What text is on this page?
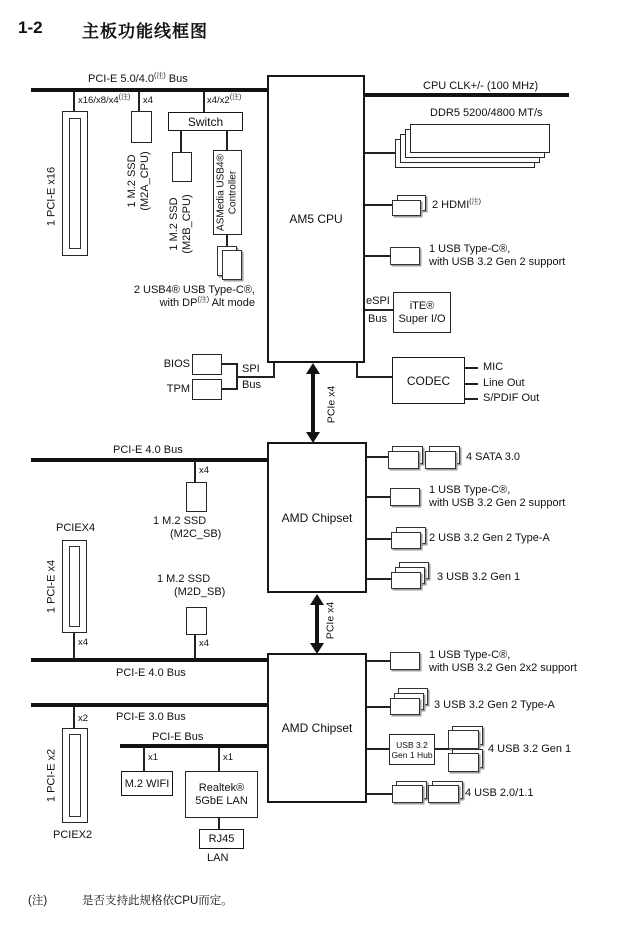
1-2 主板功能线框图
PCI-E $5.0/4.0^{(注)}$ Bus
$x16/x8/x4^{(注)}$ x4	$x4/x2^{(注)}$
1 PCI-E x16	1 M.2 SSD (M2A_CPU)
Switch
1 M.2 SSD (M2B_CPU) ASMedia USB4® Controller
2 USB4® USB Type-C®,
with $DP^{(注)}$ Alt mode
AM5 CPU
CPU CLK+/- (100 MHz)
DDR5 5200/4800 MT/s
2 $HDMI^{(注)}$
1 USB Type-C®,
with USB 3.2 Gen 2 support
eSPI
Bus
iTE®
Super I/O
BIOS
TPM
SPI
Bus	CODEC
MIC
Line Out
S/PDIF Out
PCIe x4
PCI-E 4.0 Bus
x4
1 M.2 SSD
(M2C_SB)
PCIEX4
1 PCI-E x4
x4
1 M.2 SSD
(M2D_SB)
x4
AMD Chipset
4 SATA 3.0
1 USB Type-C®,
with USB 3.2 Gen 2 support
2 USB 3.2 Gen 2 Type-A
3 USB 3.2 Gen 1
PCIe x4
PCI-E 4.0 Bus
PCI-E 3.0 Bus
x2
1 PCI-E x2
PCIEX2
PCI-E Bus
x1	x1
M.2 WIFI	Realtek®
5GbE LAN
RJ45
LAN
AMD Chipset
1 USB Type-C®,
with USB 3.2 Gen 2x2 support
3 USB 3.2 Gen 2 Type-A
USB 3.2
Gen 1 Hub	4 USB 3.2 Gen 1
4 USB 2.0/1.1
(注)	是否支持此规格依CPU而定。
